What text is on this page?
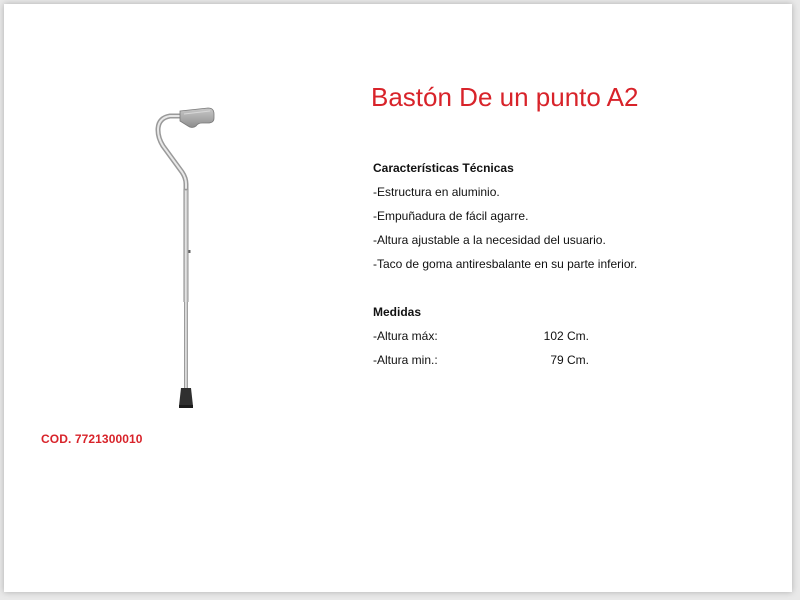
COD. 7721300010
Bastón De un punto A2
Características Técnicas
-Estructura en aluminio.
-Empuñadura de fácil agarre.
-Altura ajustable a la necesidad del usuario.
-Taco de goma antiresbalante en su parte inferior.
Medidas
-Altura máx:	102 Cm.
-Altura min.:	79 Cm.
